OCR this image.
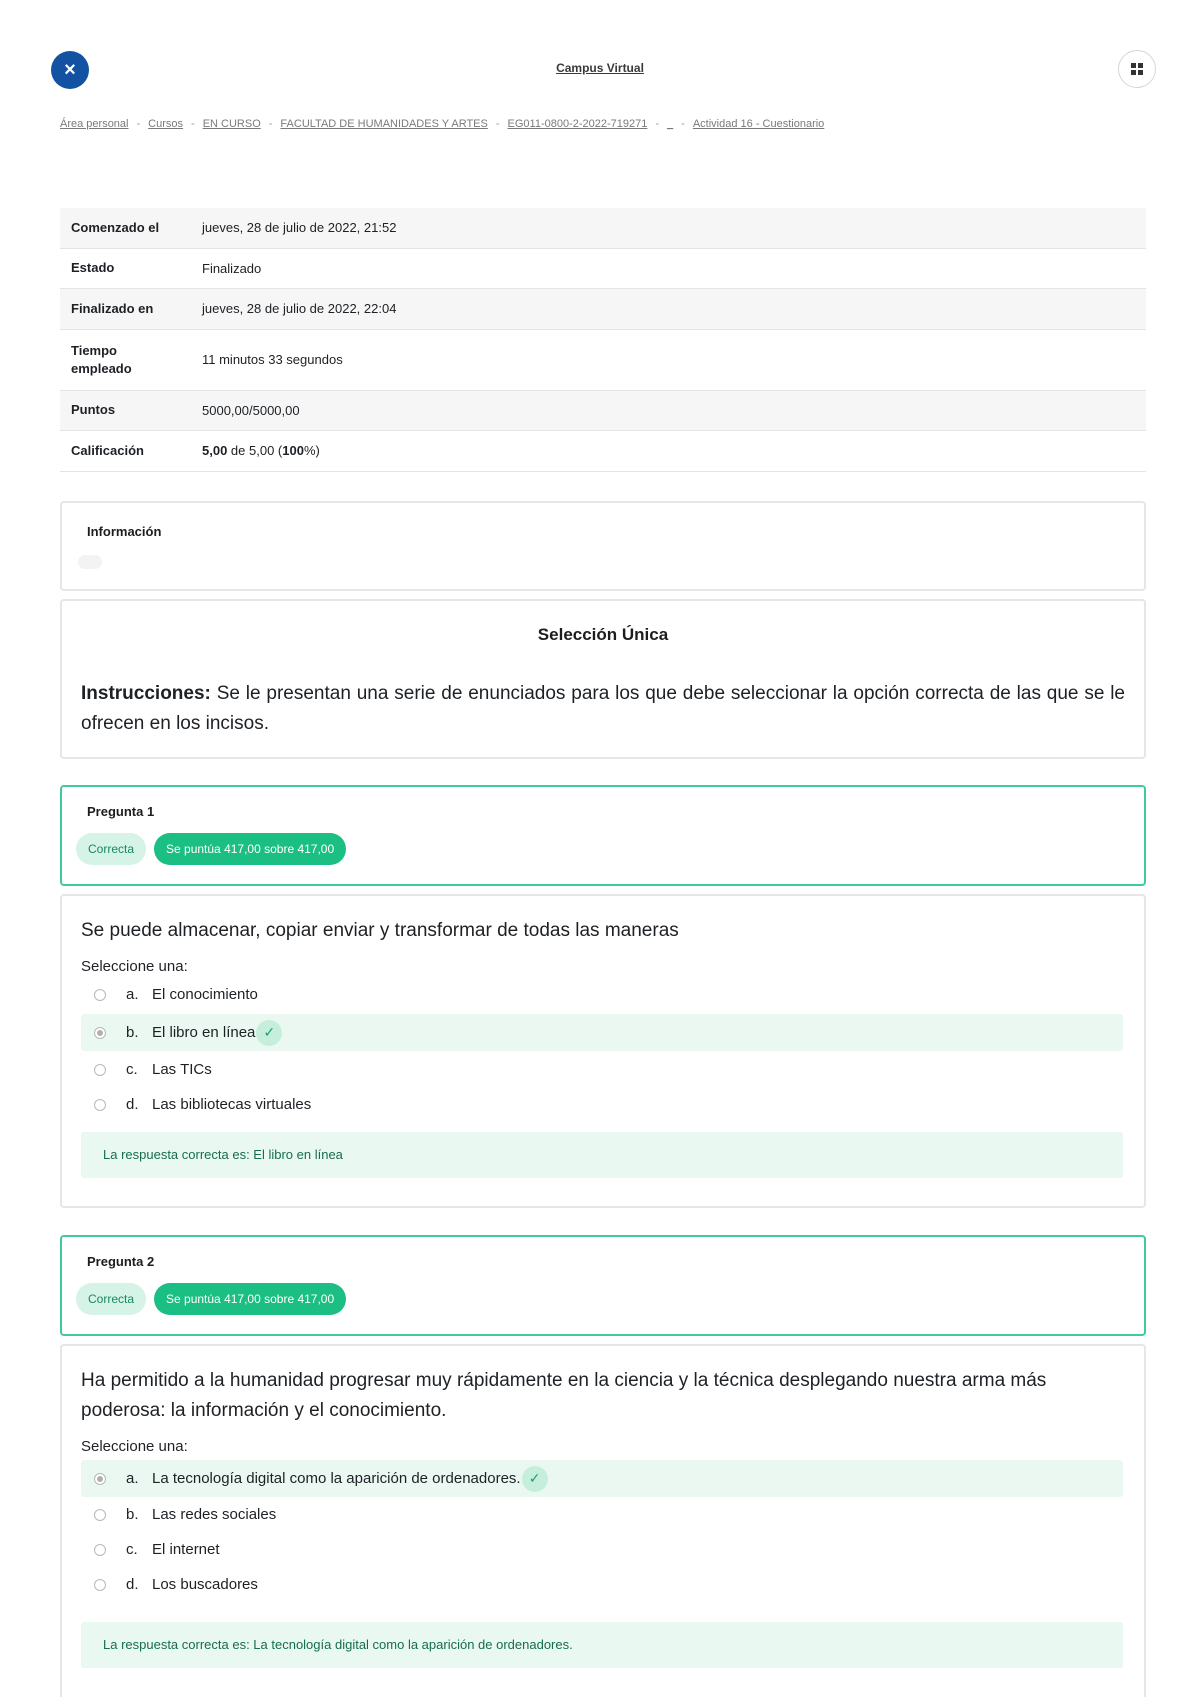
×	Campus Virtual
Área personal - Cursos - EN CURSO - FACULTAD DE HUMANIDADES Y ARTES - EG011-0800-2-2022-719271 - _ - Actividad 16 - Cuestionario
Comenzado el	jueves, 28 de julio de 2022, 21:52
Estado	Finalizado
Finalizado en	jueves, 28 de julio de 2022, 22:04
Tiempo empleado	11 minutos 33 segundos
Puntos	5000,00/5000,00
Calificación	5,00 de 5,00 (100%)
Información
Selección Única
Instrucciones: Se le presentan una serie de enunciados para los que debe seleccionar la opción correcta de las que se le ofrecen en los incisos.
Pregunta 1
Correcta	Se puntúa 417,00 sobre 417,00
Se puede almacenar, copiar enviar y transformar de todas las maneras
Seleccione una:
a. El conocimiento
b. El libro en línea ✓
c. Las TICs
d. Las bibliotecas virtuales
La respuesta correcta es: El libro en línea
Pregunta 2
Correcta	Se puntúa 417,00 sobre 417,00
Ha permitido a la humanidad progresar muy rápidamente en la ciencia y la técnica desplegando nuestra arma más poderosa: la información y el conocimiento.
Seleccione una:
a. La tecnología digital como la aparición de ordenadores. ✓
b. Las redes sociales
c. El internet
d. Los buscadores
La respuesta correcta es: La tecnología digital como la aparición de ordenadores.
